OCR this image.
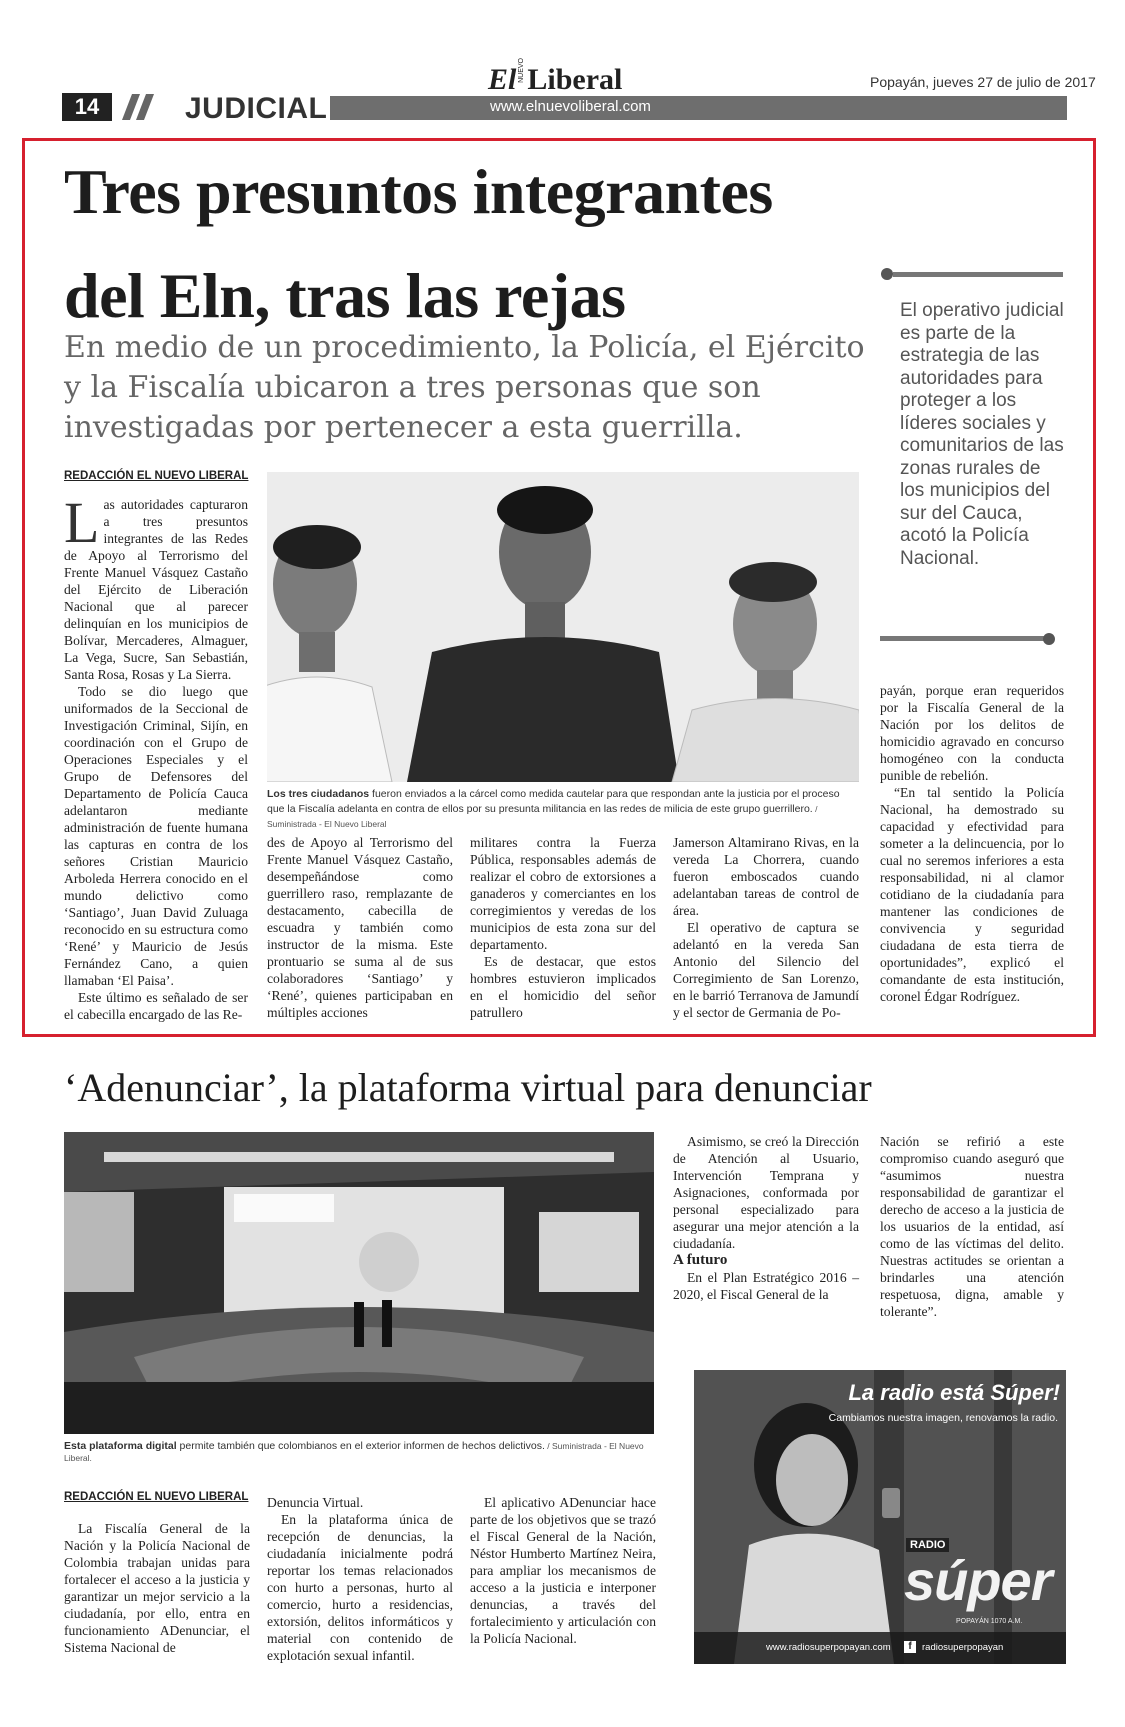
14	JUDICIAL	www.elnuevoliberal.com
El NUEVOLiberal	Popayán, jueves 27 de julio de 2017
Tres presuntos integrantes
del Eln, tras las rejas
En medio de un procedimiento, la Policía, el Ejército y la Fiscalía ubicaron a tres personas que son investigadas por pertenecer a esta guerrilla.
El operativo judicial es parte de la estrategia de las autoridades para proteger a los líderes sociales y comunitarios de las zonas rurales de los municipios del sur del Cauca, acotó la Policía Nacional.
REDACCIÓN EL NUEVO LIBERAL

Las autoridades capturaron a tres presuntos integrantes de las Redes de Apoyo al Terrorismo del Frente Manuel Vásquez Castaño del Ejército de Liberación Nacional que al parecer delinquían en los municipios de Bolívar, Mercaderes, Almaguer, La Vega, Sucre, San Sebastián, Santa Rosa, Rosas y La Sierra.

Todo se dio luego que uniformados de la Seccional de Investigación Criminal, Sijín, en coordinación con el Grupo de Operaciones Especiales y el Grupo de Defensores del Departamento de Policía Cauca adelantaron mediante administración de fuente humana las capturas en contra de los señores Cristian Mauricio Arboleda Herrera conocido en el mundo delictivo como ‘Santiago’, Juan David Zuluaga reconocido en su estructura como ‘René’ y Mauricio de Jesús Fernández Cano, a quien llamaban ‘El Paisa’.

Este último es señalado de ser el cabecilla encargado de las Re-

Los tres ciudadanos fueron enviados a la cárcel como medida cautelar para que respondan ante la justicia por el proceso que la Fiscalía adelanta en contra de ellos por su presunta militancia en las redes de milicia de este grupo guerrillero. / Suministrada - El Nuevo Liberal

des de Apoyo al Terrorismo del Frente Manuel Vásquez Castaño, desempeñándose como guerrillero raso, remplazante de destacamento, cabecilla de escuadra y también como instructor de la misma. Este prontuario se suma al de sus colaboradores ‘Santiago’ y ‘René’, quienes participaban en múltiples acciones

militares contra la Fuerza Pública, responsables además de realizar el cobro de extorsiones a ganaderos y comerciantes en los corregimientos y veredas de los municipios de esta zona sur del departamento.

Es de destacar, que estos hombres estuvieron implicados en el homicidio del señor patrullero

Jamerson Altamirano Rivas, en la vereda La Chorrera, cuando fueron emboscados cuando adelantaban tareas de control de área.

El operativo de captura se adelantó en la vereda San Antonio del Silencio del Corregimiento de San Lorenzo, en le barrió Terranova de Jamundí y el sector de Germania de Po-

payán, porque eran requeridos por la Fiscalía General de la Nación por los delitos de homicidio agravado en concurso homogéneo con la conducta punible de rebelión.

“En tal sentido la Policía Nacional, ha demostrado su capacidad y efectividad para someter a la delincuencia, por lo cual no seremos inferiores a esta responsabilidad, ni al clamor cotidiano de la ciudadanía para mantener las condiciones de convivencia y seguridad ciudadana de esta tierra de oportunidades”, explicó el comandante de esta institución, coronel Édgar Rodríguez.

‘Adenunciar’, la plataforma virtual para denunciar
Esta plataforma digital permite también que colombianos en el exterior informen de hechos delictivos. / Suministrada - El Nuevo Liberal.
REDACCIÓN EL NUEVO LIBERAL

La Fiscalía General de la Nación y la Policía Nacional de Colombia trabajan unidas para fortalecer el acceso a la justicia y garantizar un mejor servicio a la ciudadanía, por ello, entra en funcionamiento ADenunciar, el Sistema Nacional de

Denuncia Virtual.

En la plataforma única de recepción de denuncias, la ciudadanía inicialmente podrá reportar los temas relacionados con hurto a personas, hurto al comercio, hurto a residencias, extorsión, delitos informáticos y material con contenido de explotación sexual infantil.

El aplicativo ADenunciar hace parte de los objetivos que se trazó el Fiscal General de la Nación, Néstor Humberto Martínez Neira, para ampliar los mecanismos de acceso a la justicia e interponer denuncias, a través del fortalecimiento y articulación con la Policía Nacional.

Asimismo, se creó la Dirección de Atención al Usuario, Intervención Temprana y Asignaciones, conformada por personal especializado para asegurar una mejor atención a la ciudadanía.

A futuro

En el Plan Estratégico 2016 – 2020, el Fiscal General de la

Nación se refirió a este compromiso cuando aseguró que “asumimos nuestra responsabilidad de garantizar el derecho de acceso a la justicia de los usuarios de la entidad, así como de las víctimas del delito. Nuestras actitudes se orientan a brindarles una atención respetuosa, digna, amable y tolerante”.

La radio está Súper!
Cambiamos nuestra imagen, renovamos la radio.
RADIO
súper
POPAYÁN 1070 A.M.
www.radiosuperpopayan.com	f	radiosuperpopayan
